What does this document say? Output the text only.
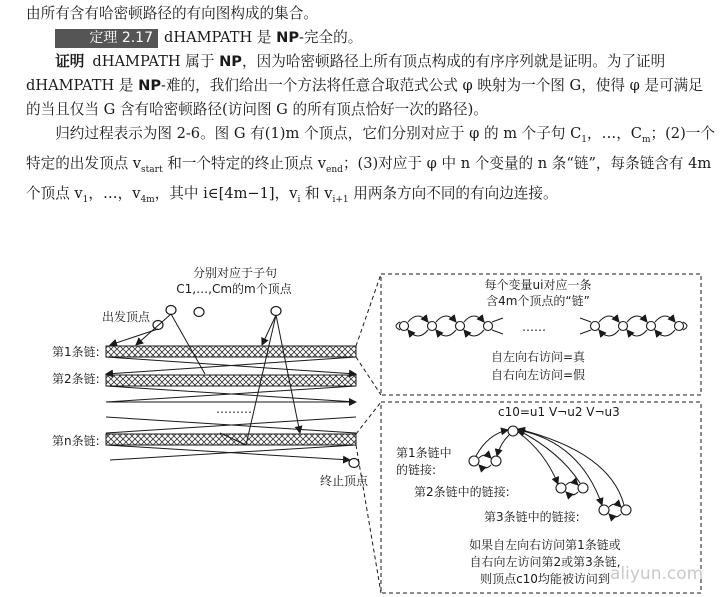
由所有含有哈密顿路径的有向图构成的集合。

定理 2.17 dHAMPATH 是 NP-完全的。

证明 dHAMPATH 属于 NP，因为哈密顿路径上所有顶点构成的有序序列就是证明。为了证明 dHAMPATH 是 NP-难的，我们给出一个方法将任意合取范式公式 φ 映射为一个图 G，使得 φ 是可满足的当且仅当 G 含有哈密顿路径(访问图 G 的所有顶点恰好一次的路径)。

归约过程表示为图 2-6。图 G 有(1)m 个顶点，它们分别对应于 φ 的 m 个子句 $C_1$，…，$C_m$；(2)一个特定的出发顶点 $v_{start}$ 和一个特定的终止顶点 $v_{end}$；(3)对应于 φ 中 n 个变量的 n 条“链”，每条链含有 4m 个顶点 $v_1$，…，$v_{4m}$，其中 i∈[4m−1]，$v_i$ 和 $v_{i+1}$ 用两条方向不同的有向边连接。

分别对应于子句
C1,…,Cm的m个顶点
出发顶点
第1条链:
第2条链:
………
第n条链:
终止顶点
每个变量ui对应一条
含4m个顶点的“链”
……
自左向右访问=真
自右向左访问=假
c10=u1 V¬u2 V¬u3
第1条链中
的链接:
第2条链中的链接:
第3条链中的链接:
如果自左向右访问第1条链或
自右向左访问第2或第3条链,
则顶点c10均能被访问到 aliyun.com
